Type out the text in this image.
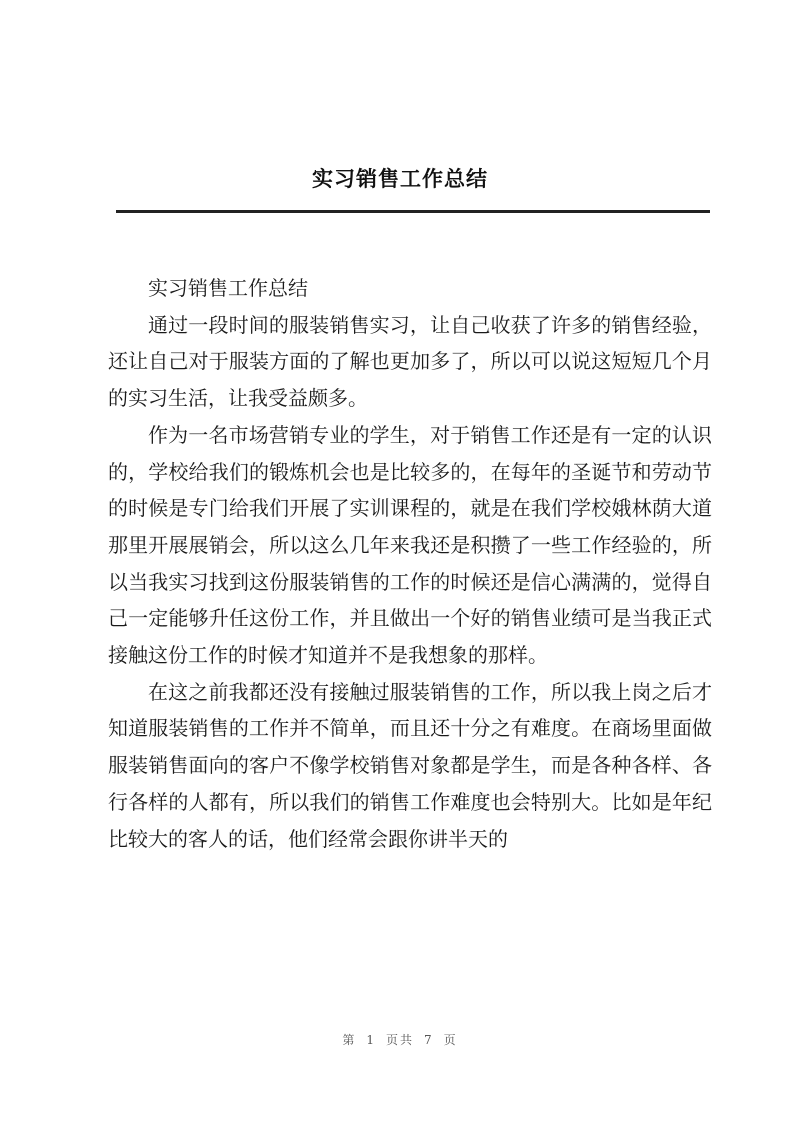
实习销售工作总结

实习销售工作总结

通过一段时间的服装销售实习，让自己收获了许多的销售经验，还让自己对于服装方面的了解也更加多了，所以可以说这短短几个月的实习生活，让我受益颇多。

作为一名市场营销专业的学生，对于销售工作还是有一定的认识的，学校给我们的锻炼机会也是比较多的，在每年的圣诞节和劳动节的时候是专门给我们开展了实训课程的，就是在我们学校娥林荫大道那里开展展销会，所以这么几年来我还是积攒了一些工作经验的，所以当我实习找到这份服装销售的工作的时候还是信心满满的，觉得自己一定能够升任这份工作，并且做出一个好的销售业绩可是当我正式接触这份工作的时候才知道并不是我想象的那样。

在这之前我都还没有接触过服装销售的工作，所以我上岗之后才知道服装销售的工作并不简单，而且还十分之有难度。在商场里面做服装销售面向的客户不像学校销售对象都是学生，而是各种各样、各行各样的人都有，所以我们的销售工作难度也会特别大。比如是年纪比较大的客人的话，他们经常会跟你讲半天的

第 1 页共 7 页
